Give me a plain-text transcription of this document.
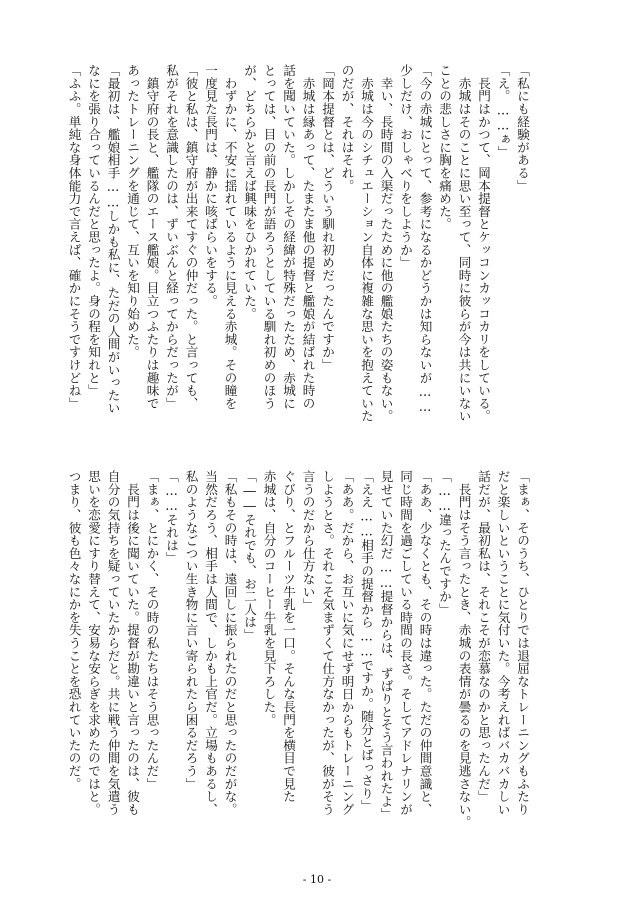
「私にも経験がある」
「え。……ぁ」
　長門はかつて、岡本提督とケッコンカッコカリをしている。
　赤城はそのことに思い至って、同時に彼らが今は共にいない
ことの悲しさに胸を痛めた。
「今の赤城にとって、参考になるかどうかは知らないが……
少しだけ、おしゃべりをしようか」
　幸い、長時間の入渠だったために他の艦娘たちの姿もない。
　赤城は今のシチュエーション自体に複雑な思いを抱えていた
のだが、それはそれ。
「岡本提督とは、どういう馴れ初めだったんですか」
　赤城は縁あって、たまたま他の提督と艦娘が結ばれた時の
話を聞いていた。しかしその経緯が特殊だったため、赤城に
とっては、目の前の長門が語ろうとしている馴れ初めのほう
が、どちらかと言えば興味をひかれていた。
　わずかに、不安に揺れているように見える赤城。その瞳を
一度見た長門は、静かに咳ばらいをする。
「彼と私は、鎮守府が出来てすぐの仲だった。と言っても、
私がそれを意識したのは、ずいぶんと経ってからだったが」
　鎮守府の長と、艦隊のエース艦娘。目立つふたりは趣味で
あったトレーニングを通じて、互いを知り始めた。
「最初は、艦娘相手……しかも私に、ただの人間がいったい
なにを張り合っているんだと思ったよ。身の程を知れと」
「ふふ。単純な身体能力で言えば、確かにそうですけどね」
「まぁ、そのうち、ひとりでは退屈なトレーニングもふたり
だと楽しいということに気付いた。今考えればバカバカしい
話だが、最初私は、それこそが恋慕なのかと思ったんだ」
　長門はそう言ったとき、赤城の表情が曇るのを見逃さない。
「……違ったんですか」
「ああ、少なくとも、その時は違った。ただの仲間意識と、
同じ時間を過ごしている時間の長さ。そしてアドレナリンが
見せていた幻だ……提督からは、ずばりとそう言われたよ」
「ええ……相手の提督から……ですか。随分とばっさり」
「ああ。だから、お互いに気にせず明日からもトレーニング
しようとさ。それこそ気まずくて仕方なかったが、彼がそう
言うのだから仕方ない」
ぐびり、とフルーツ牛乳を一口。そんな長門を横目で見た
赤城は、自分のコーヒー牛乳を見下ろした。
「――それでも、お二人は」
「私もその時は、遠回しに振られたのだと思ったのだがな。
当然だろう、相手は人間で、しかも上官だ。立場もあるし、
私のようなごつい生き物に言い寄られたら困るだろう」
「……それは」
「まぁ、とにかく、その時の私たちはそう思ったんだ」
　長門は後に聞いていた。提督が勘違いと言ったのは、彼も
自分の気持ちを疑っていたからだと。共に戦う仲間を気遣う
思いを恋愛にすり替えて、安易な安らぎを求めたのではと。
つまり、彼も色々なにかを失うことを恐れていたのだ。
- 10 -
